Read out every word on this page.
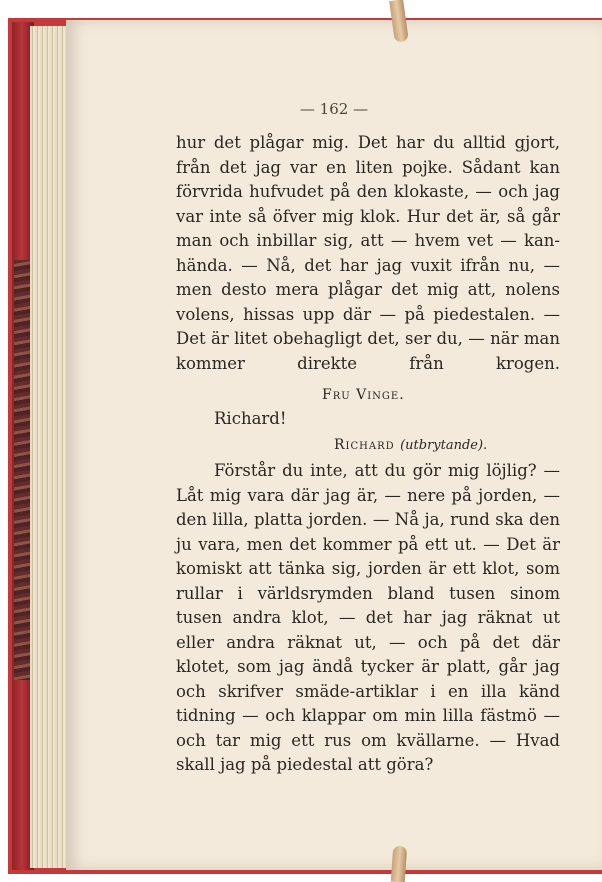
— 162 —

hur det plågar mig. Det har du alltid gjort, från det jag var en liten pojke. Sådant kan förvrida hufvudet på den klokaste, — och jag var inte så öfver mig klok. Hur det är, så går man och inbillar sig, att — hvem vet — kan-hända. — Nå, det har jag vuxit ifrån nu, — men desto mera plågar det mig att, nolens volens, hissas upp där — på piedestalen. — Det är litet obehagligt det, ser du, — när man kommer direkte från krogen.

Fru Vinge.

Richard!

Richard (utbrytande).

Förstår du inte, att du gör mig löjlig? — Låt mig vara där jag är, — nere på jorden, — den lilla, platta jorden. — Nå ja, rund ska den ju vara, men det kommer på ett ut. — Det är komiskt att tänka sig, jorden är ett klot, som rullar i världsrymden bland tusen sinom tusen andra klot, — det har jag räknat ut eller andra räknat ut, — och på det där klotet, som jag ändå tycker är platt, går jag och skrifver smäde-artiklar i en illa känd tidning — och klappar om min lilla fästmö — och tar mig ett rus om kvällarne. — Hvad skall jag på piedestal att göra?
